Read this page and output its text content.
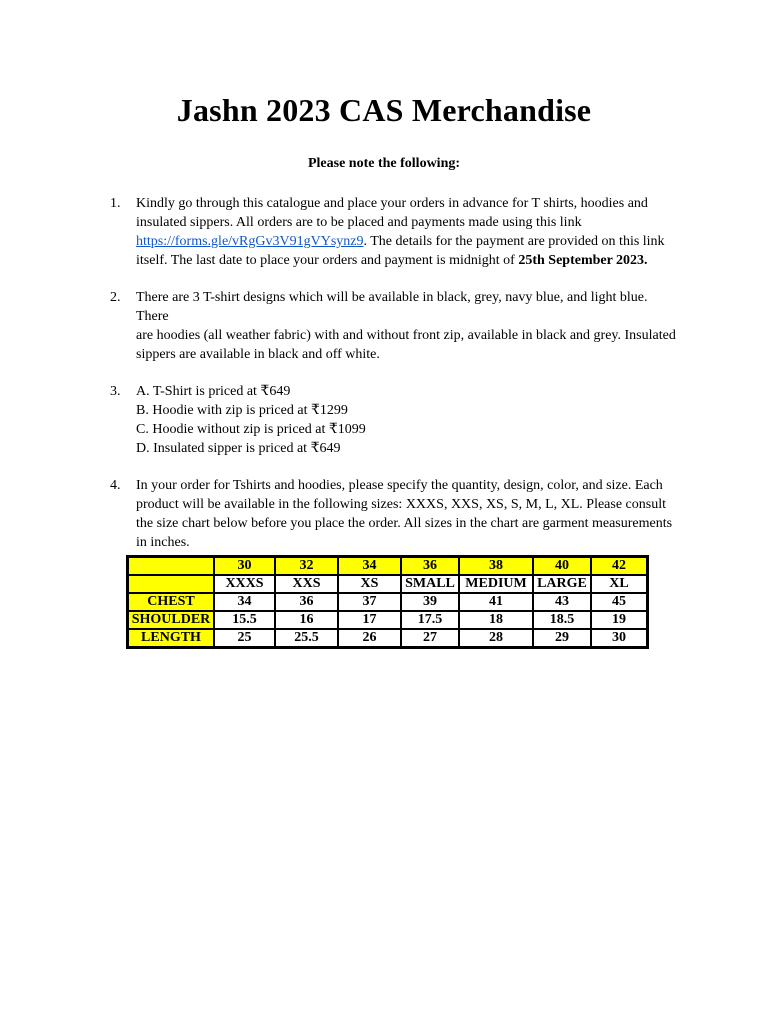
Jashn 2023 CAS Merchandise
Please note the following:
1.	Kindly go through this catalogue and place your orders in advance for T shirts, hoodies and
insulated sippers. All orders are to be placed and payments made using this link
https://forms.gle/vRgGv3V91gVYsynz9. The details for the payment are provided on this link
itself. The last date to place your orders and payment is midnight of 25th September 2023.
2.	There are 3 T-shirt designs which will be available in black, grey, navy blue, and light blue. There
are hoodies (all weather fabric) with and without front zip, available in black and grey. Insulated
sippers are available in black and off white.
3.	A. T-Shirt is priced at ₹649
B. Hoodie with zip is priced at ₹1299
C. Hoodie without zip is priced at ₹1099
D. Insulated sipper is priced at ₹649
4.	In your order for Tshirts and hoodies, please specify the quantity, design, color, and size. Each
product will be available in the following sizes: XXXS, XXS, XS, S, M, L, XL. Please consult
the size chart below before you place the order. All sizes in the chart are garment measurements
in inches.
	30	32	34	36	38	40	42
	XXXS	XXS	XS	SMALL	MEDIUM	LARGE	XL
CHEST	34	36	37	39	41	43	45
SHOULDER	15.5	16	17	17.5	18	18.5	19
LENGTH	25	25.5	26	27	28	29	30
